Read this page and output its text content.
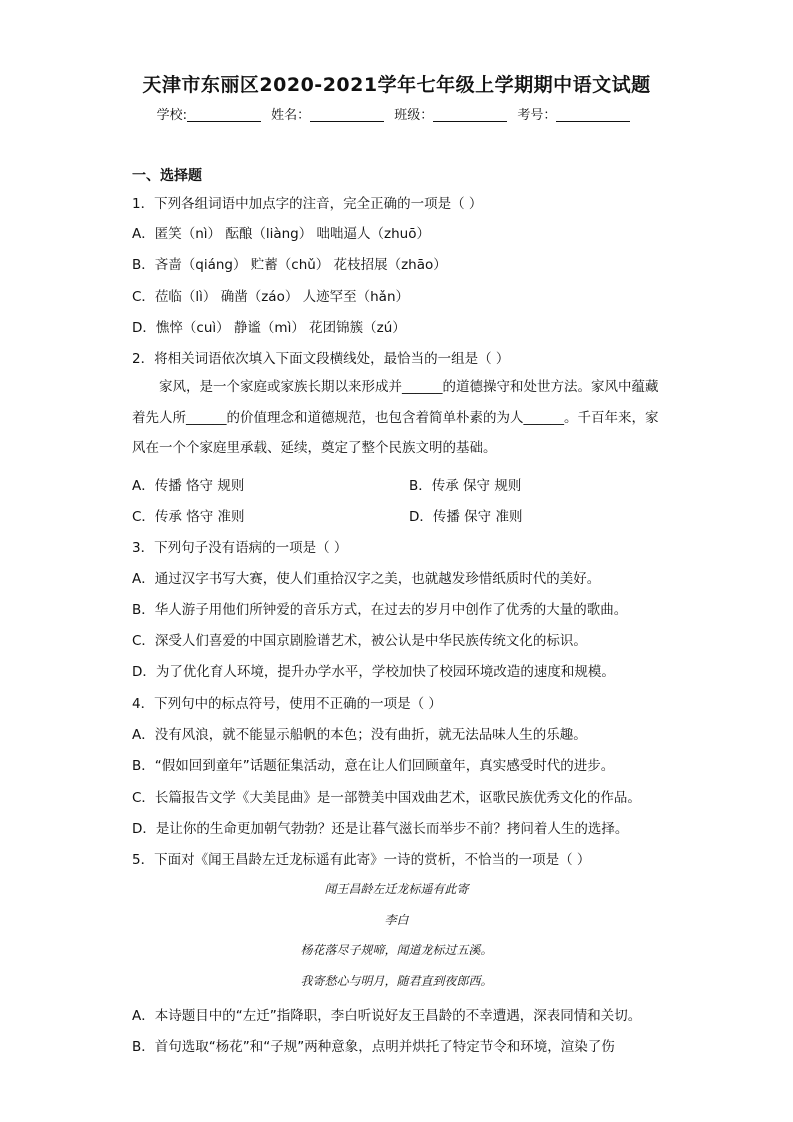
天津市东丽区2020-2021学年七年级上学期期中语文试题
学校:	姓名：	班级：	考号：
一、选择题
1．下列各组词语中加点字的注音，完全正确的一项是（ ）
A．匿笑（nì） 酝酿（liàng） 咄咄逼人（zhuō）
B．吝啬（qiáng） 贮蓄（chǔ） 花枝招展（zhāo）
C．莅临（lì） 确凿（záo） 人迹罕至（hǎn）
D．憔悴（cuì） 静谧（mì） 花团锦簇（zú）
2．将相关词语依次填入下面文段横线处，最恰当的一组是（ ）
家风，是一个家庭或家族长期以来形成并______的道德操守和处世方法。家风中蕴藏着先人所______的价值理念和道德规范，也包含着简单朴素的为人______。千百年来，家风在一个个家庭里承载、延续，奠定了整个民族文明的基础。
A．传播 恪守 规则	B．传承 保守 规则
C．传承 恪守 准则	D．传播 保守 准则
3．下列句子没有语病的一项是（ ）
A．通过汉字书写大赛，使人们重拾汉字之美，也就越发珍惜纸质时代的美好。
B．华人游子用他们所钟爱的音乐方式，在过去的岁月中创作了优秀的大量的歌曲。
C．深受人们喜爱的中国京剧脸谱艺术，被公认是中华民族传统文化的标识。
D．为了优化育人环境，提升办学水平，学校加快了校园环境改造的速度和规模。
4．下列句中的标点符号，使用不正确的一项是（ ）
A．没有风浪，就不能显示船帆的本色；没有曲折，就无法品味人生的乐趣。
B．“假如回到童年”话题征集活动，意在让人们回顾童年，真实感受时代的进步。
C．长篇报告文学《大美昆曲》是一部赞美中国戏曲艺术，讴歌民族优秀文化的作品。
D．是让你的生命更加朝气勃勃？还是让暮气滋长而举步不前？拷问着人生的选择。
5．下面对《闻王昌龄左迁龙标遥有此寄》一诗的赏析，不恰当的一项是（ ）
闻王昌龄左迁龙标遥有此寄
李白
杨花落尽子规啼，闻道龙标过五溪。
我寄愁心与明月，随君直到夜郎西。
A．本诗题目中的“左迁”指降职，李白听说好友王昌龄的不幸遭遇，深表同情和关切。
B．首句选取“杨花”和“子规”两种意象，点明并烘托了特定节令和环境，渲染了伤
